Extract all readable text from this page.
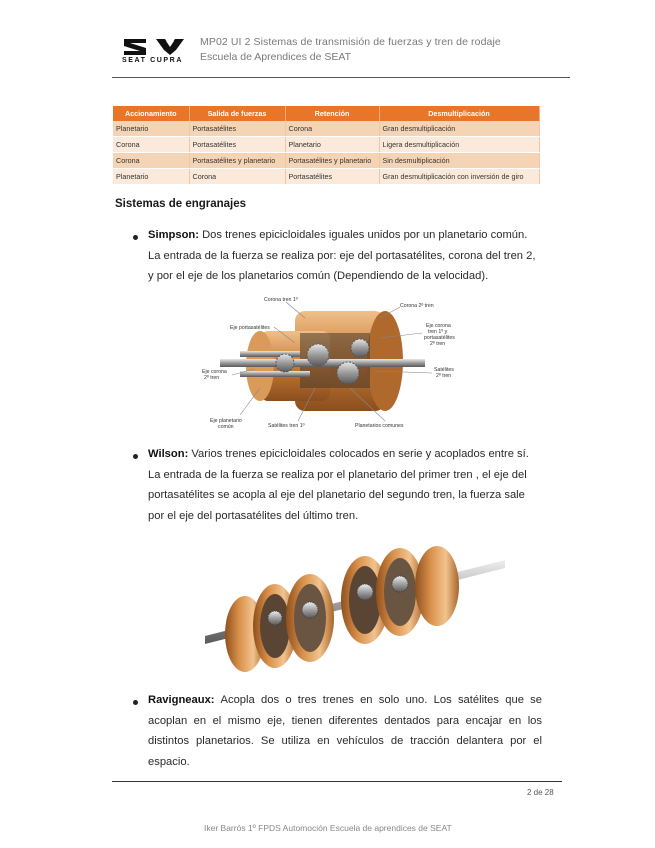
SEAT CUPRA
MP02 UI 2 Sistemas de transmisión de fuerzas y tren de rodaje
Escuela de Aprendices de SEAT
Accionamiento	Salida de fuerzas	Retención	Desmultiplicación
Planetario	Portasatélites	Corona	Gran desmultiplicación
Corona	Portasatélites	Planetario	Ligera desmultiplicación
Corona	Portasatélites y planetario	Portasatélites y planetario	Sin desmultiplicación
Planetario	Corona	Portasatélites	Gran desmultiplicación con inversión de giro
Sistemas de engranajes
Simpson: Dos trenes epicicloidales iguales unidos por un planetario común.
La entrada de la fuerza se realiza por: eje del portasatélites, corona del tren 2,
y por el eje de los planetarios común (Dependiendo de la velocidad).
Corona tren 1º
Corona 2º tren
Eje portasatélites	Eje corona
tren 1º y
portasatélites
2º tren
Eje corona
2º tren
Satélites
2º tren
Eje planetario
común	Satélites tren 1º	Planetarios comunes
Wilson: Varios trenes epicicloidales colocados en serie y acoplados entre sí.
La entrada de la fuerza se realiza por el planetario del primer tren , el eje del
portasatélites se acopla al eje del planetario del segundo tren, la fuerza sale
por el eje del portasatélites del último tren.
Ravigneaux: Acopla dos o tres trenes en solo uno. Los satélites que se
acoplan en el mismo eje, tienen diferentes dentados para encajar en los
distintos planetarios. Se utiliza en vehículos de tracción delantera por el
espacio.
2 de 28
Iker Barrós 1º FPDS Automoción Escuela de aprendices de SEAT
